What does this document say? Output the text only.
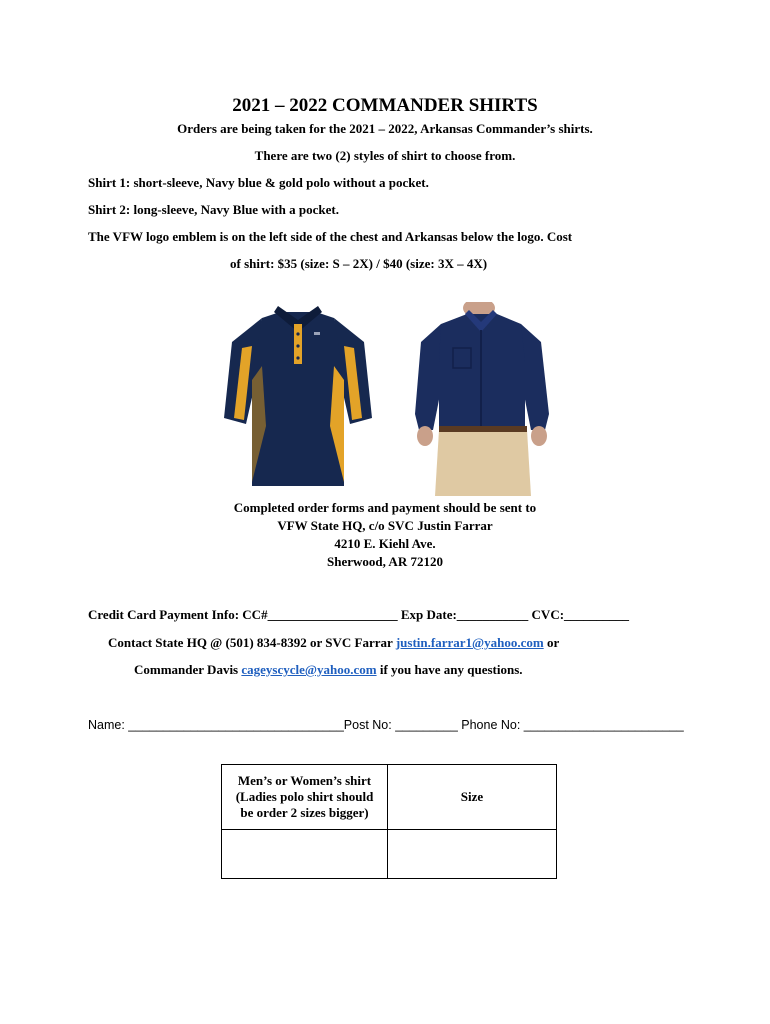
2021 – 2022 COMMANDER SHIRTS
Orders are being taken for the 2021 – 2022, Arkansas Commander’s shirts.
There are two (2) styles of shirt to choose from.
Shirt 1: short-sleeve, Navy blue & gold polo without a pocket.
Shirt 2: long-sleeve, Navy Blue with a pocket.
The VFW logo emblem is on the left side of the chest and Arkansas below the logo. Cost
of shirt: $35 (size: S – 2X) / $40 (size: 3X – 4X)
Completed order forms and payment should be sent to
VFW State HQ, c/o SVC Justin Farrar
4210 E. Kiehl Ave.
Sherwood, AR 72120
Credit Card Payment Info: CC#____________________ Exp Date:___________ CVC:__________
Contact State HQ @ (501) 834-8392 or SVC Farrar justin.farrar1@yahoo.com or
Commander Davis cageyscycle@yahoo.com if you have any questions.
Name: _______________________________Post No: _________ Phone No: _______________________
Men’s or Women’s shirt
(Ladies polo shirt should
be order 2 sizes bigger)	Size
